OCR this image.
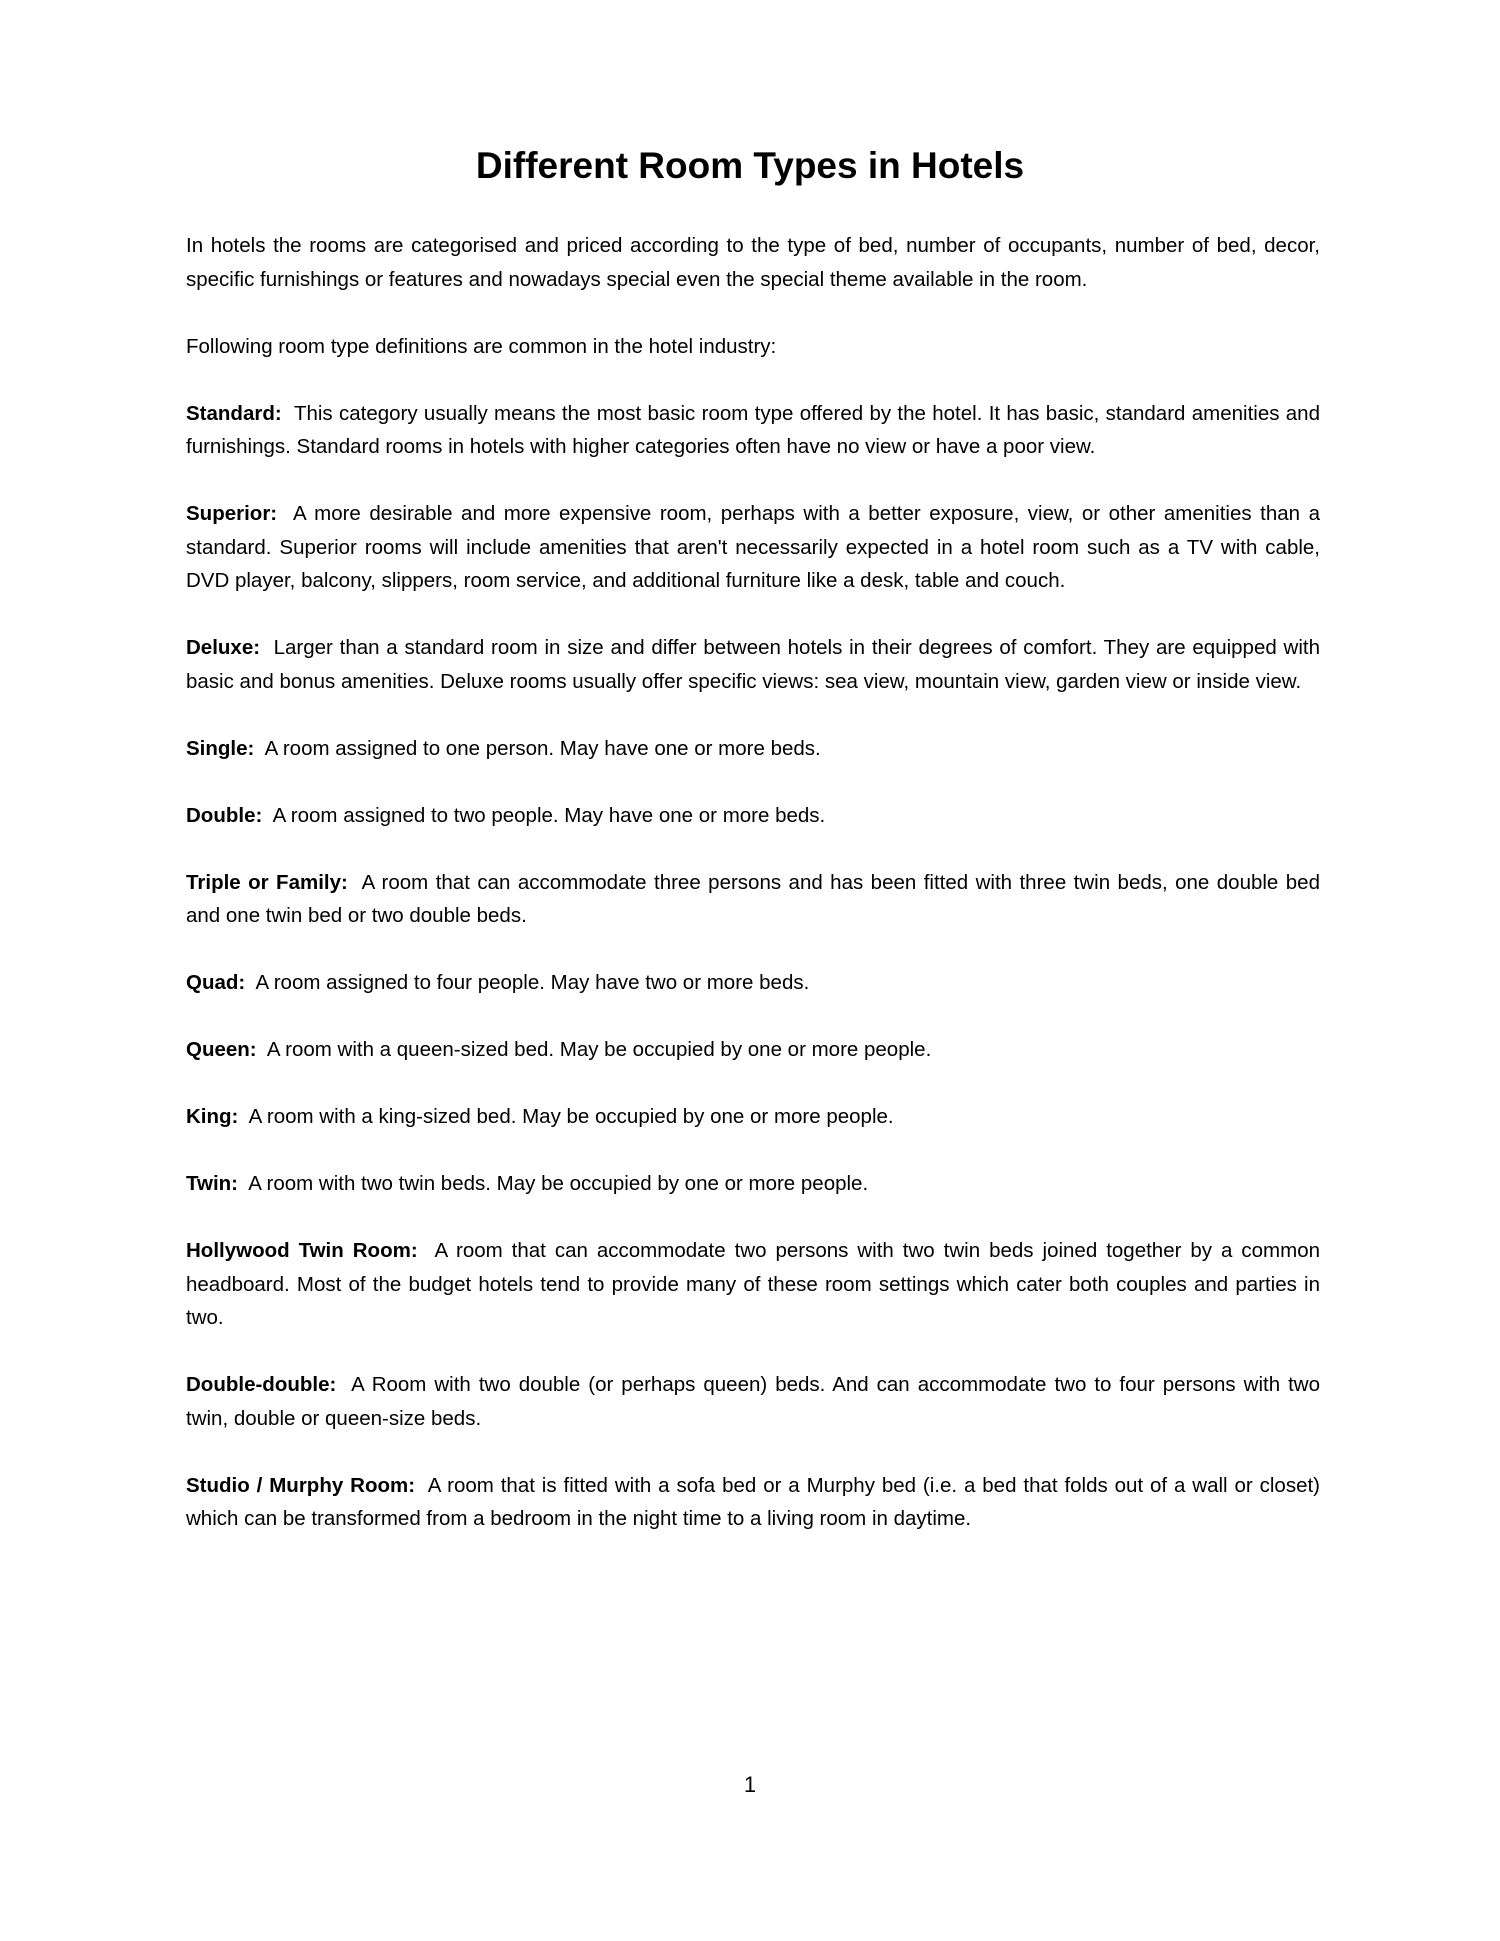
Different Room Types in Hotels

In hotels the rooms are categorised and priced according to the type of bed, number of occupants, number of bed, decor, specific furnishings or features and nowadays special even the special theme available in the room.

Following room type definitions are common in the hotel industry:

Standard: This category usually means the most basic room type offered by the hotel. It has basic, standard amenities and furnishings. Standard rooms in hotels with higher categories often have no view or have a poor view.

Superior: A more desirable and more expensive room, perhaps with a better exposure, view, or other amenities than a standard. Superior rooms will include amenities that aren't necessarily expected in a hotel room such as a TV with cable, DVD player, balcony, slippers, room service, and additional furniture like a desk, table and couch.

Deluxe: Larger than a standard room in size and differ between hotels in their degrees of comfort. They are equipped with basic and bonus amenities. Deluxe rooms usually offer specific views: sea view, mountain view, garden view or inside view.

Single: A room assigned to one person. May have one or more beds.

Double: A room assigned to two people. May have one or more beds.

Triple or Family: A room that can accommodate three persons and has been fitted with three twin beds, one double bed and one twin bed or two double beds.

Quad: A room assigned to four people. May have two or more beds.

Queen: A room with a queen-sized bed. May be occupied by one or more people.

King: A room with a king-sized bed. May be occupied by one or more people.

Twin: A room with two twin beds. May be occupied by one or more people.

Hollywood Twin Room: A room that can accommodate two persons with two twin beds joined together by a common headboard. Most of the budget hotels tend to provide many of these room settings which cater both couples and parties in two.

Double-double: A Room with two double (or perhaps queen) beds. And can accommodate two to four persons with two twin, double or queen-size beds.

Studio / Murphy Room: A room that is fitted with a sofa bed or a Murphy bed (i.e. a bed that folds out of a wall or closet) which can be transformed from a bedroom in the night time to a living room in daytime.

1
